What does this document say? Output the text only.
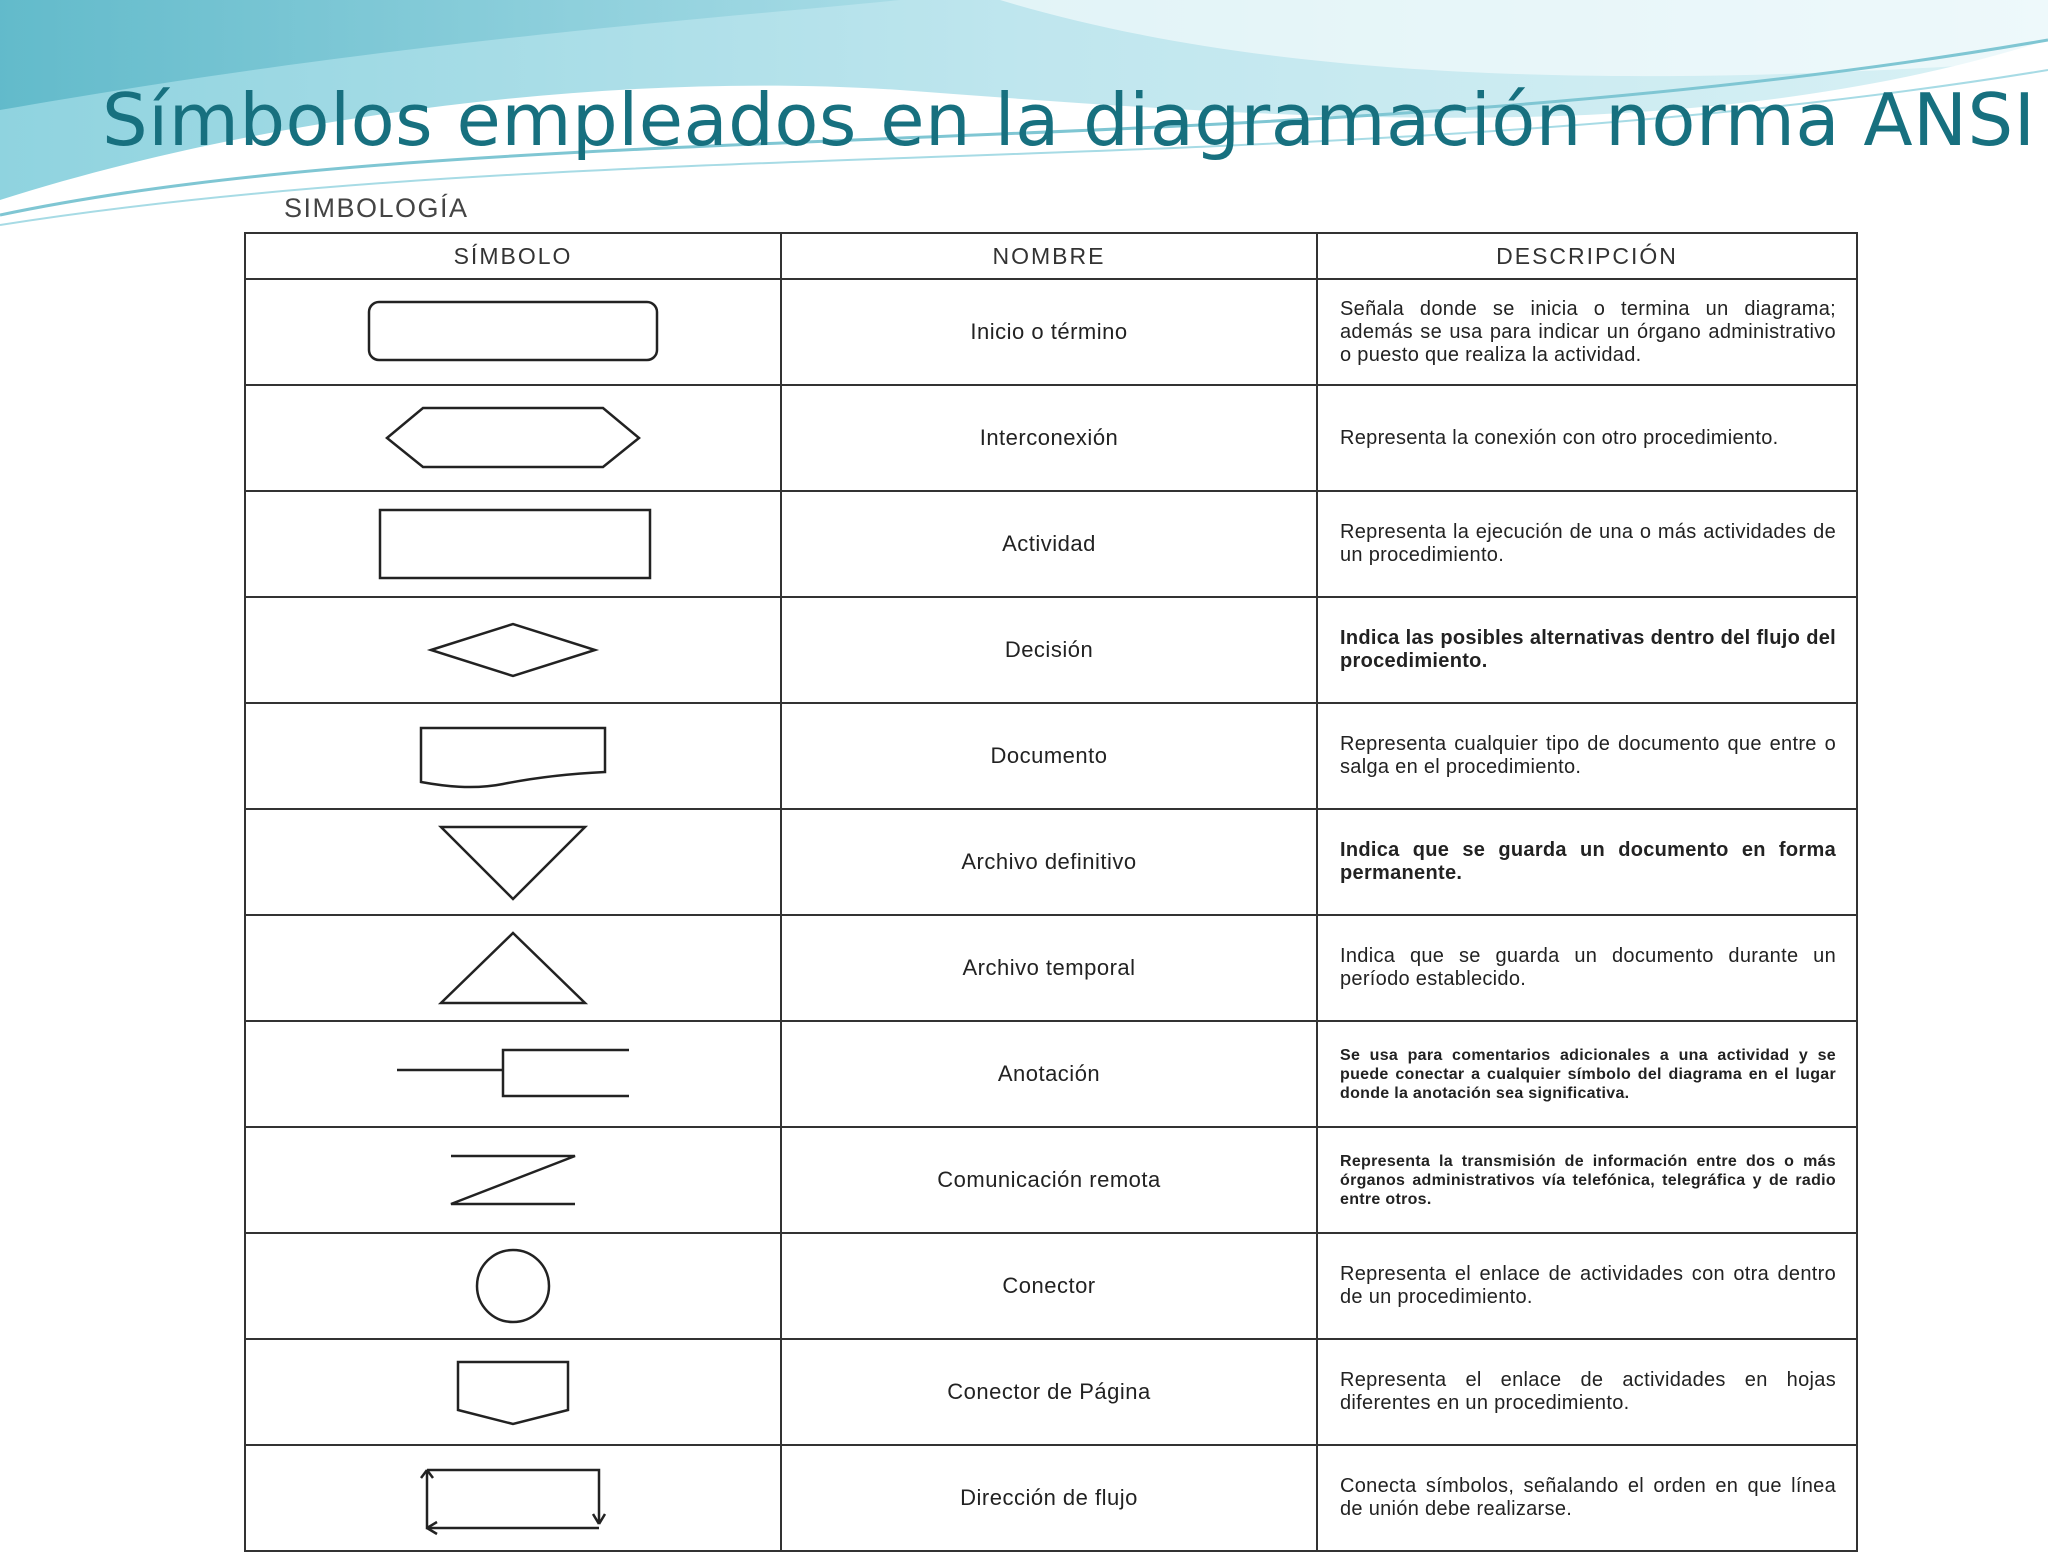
Símbolos empleados en la diagramación norma ANSI
SIMBOLOGÍA
SÍMBOLO	NOMBRE	DESCRIPCIÓN

	Inicio o término	Señala donde se inicia o termina un diagrama; además se usa para indicar un órgano administrativo o puesto que realiza la actividad.

	Interconexión	Representa la conexión con otro procedimiento.

	Actividad	Representa la ejecución de una o más actividades de un procedimiento.

	Decisión	Indica las posibles alternativas dentro del flujo del procedimiento.

	Documento	Representa cualquier tipo de documento que entre o salga en el procedimiento.

	Archivo definitivo	Indica que se guarda un documento en forma permanente.

	Archivo temporal	Indica que se guarda un documento durante un período establecido.

	Anotación	Se usa para comentarios adicionales a una actividad y se puede conectar a cualquier símbolo del diagrama en el lugar donde la anotación sea significativa.

	Comunicación remota	Representa la transmisión de información entre dos o más órganos administrativos vía telefónica, telegráfica y de radio entre otros.

	Conector	Representa el enlace de actividades con otra dentro de un procedimiento.

	Conector de Página	Representa el enlace de actividades en hojas diferentes en un procedimiento.

	Dirección de flujo	Conecta símbolos, señalando el orden en que línea de unión debe realizarse.
